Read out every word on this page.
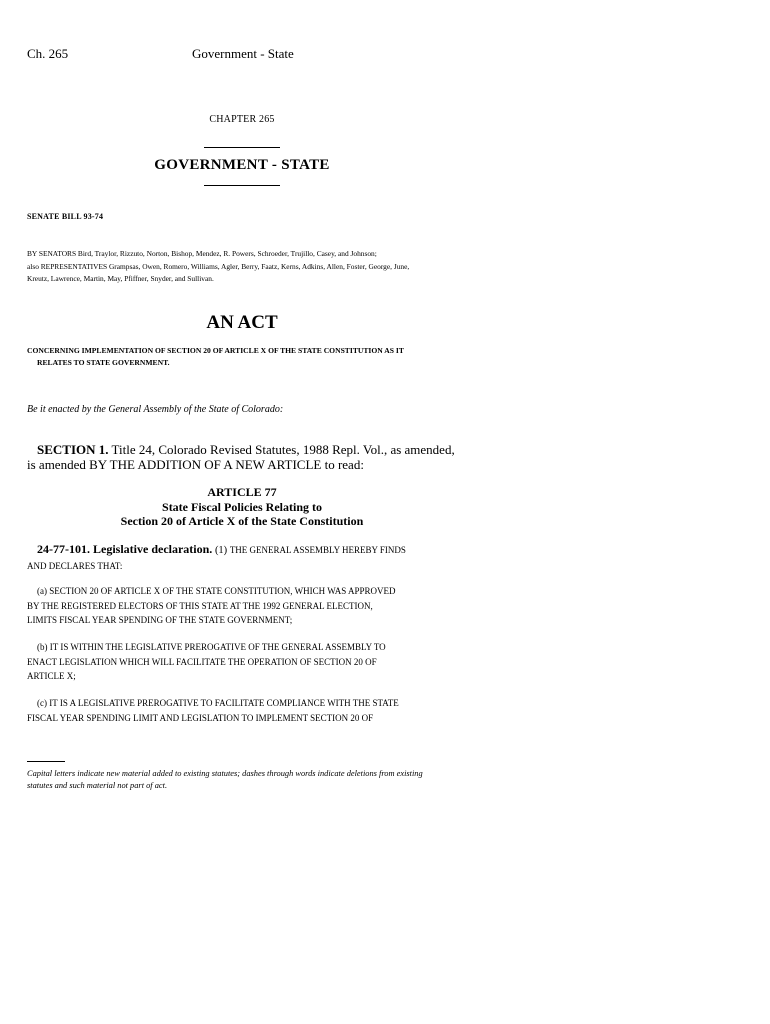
Ch. 265	Government - State
CHAPTER 265
GOVERNMENT - STATE
SENATE BILL 93-74
BY SENATORS Bird, Traylor, Rizzuto, Norton, Bishop, Mendez, R. Powers, Schroeder, Trujillo, Casey, and Johnson;
also REPRESENTATIVES Grampsas, Owen, Romero, Williams, Agler, Berry, Faatz, Kerns, Adkins, Allen, Foster, George, June,
Kreutz, Lawrence, Martin, May, Pfiffner, Snyder, and Sullivan.
AN ACT
CONCERNING IMPLEMENTATION OF SECTION 20 OF ARTICLE X OF THE STATE CONSTITUTION AS IT
RELATES TO STATE GOVERNMENT.
Be it enacted by the General Assembly of the State of Colorado:
SECTION 1. Title 24, Colorado Revised Statutes, 1988 Repl. Vol., as amended,
is amended BY THE ADDITION OF A NEW ARTICLE to read:
ARTICLE 77
State Fiscal Policies Relating to
Section 20 of Article X of the State Constitution
24-77-101. Legislative declaration. (1) THE GENERAL ASSEMBLY HEREBY FINDS
AND DECLARES THAT:
(a) SECTION 20 OF ARTICLE X OF THE STATE CONSTITUTION, WHICH WAS APPROVED
BY THE REGISTERED ELECTORS OF THIS STATE AT THE 1992 GENERAL ELECTION,
LIMITS FISCAL YEAR SPENDING OF THE STATE GOVERNMENT;
(b) IT IS WITHIN THE LEGISLATIVE PREROGATIVE OF THE GENERAL ASSEMBLY TO
ENACT LEGISLATION WHICH WILL FACILITATE THE OPERATION OF SECTION 20 OF
ARTICLE X;
(c) IT IS A LEGISLATIVE PREROGATIVE TO FACILITATE COMPLIANCE WITH THE STATE
FISCAL YEAR SPENDING LIMIT AND LEGISLATION TO IMPLEMENT SECTION 20 OF
Capital letters indicate new material added to existing statutes; dashes through words indicate deletions from existing
statutes and such material not part of act.
